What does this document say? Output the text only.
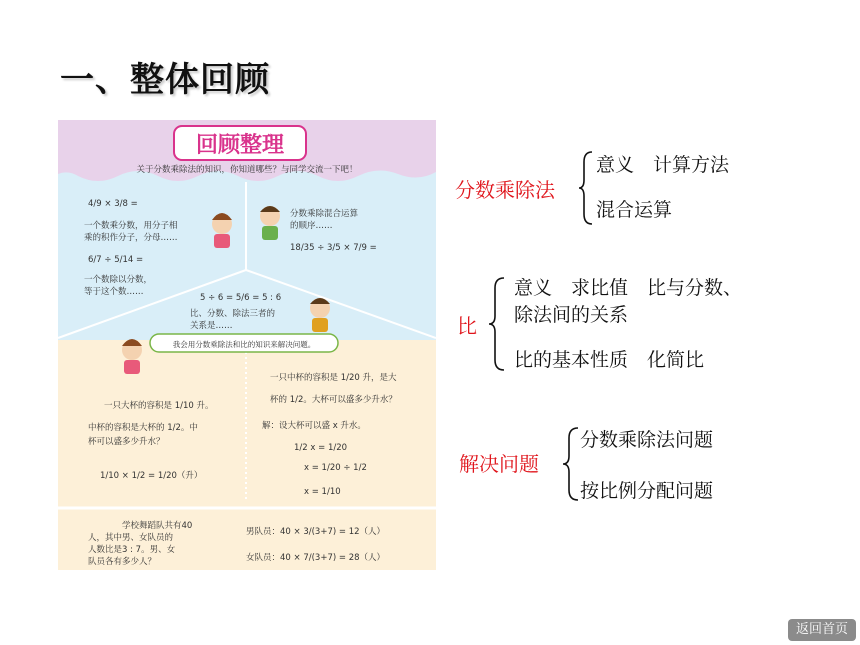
一、整体回顾
回顾整理
关于分数乘除法的知识，你知道哪些？与同学交流一下吧！
4/9 × 3/8 =
一个数乘分数，用分子相
乘的积作分子，分母……
6/7 ÷ 5/14 =
一个数除以分数，
等于这个数……
分数乘除混合运算
的顺序……
18/35 ÷ 3/5 × 7/9 =
5 ÷ 6 = 5/6 = 5 : 6
比、分数、除法三者的
关系是……
我会用分数乘除法和比的知识来解决问题。
一只大杯的容积是 1/10 升。
中杯的容积是大杯的 1/2。中
杯可以盛多少升水？
1/10 × 1/2 = 1/20（升）
一只中杯的容积是 1/20 升，是大
杯的 1/2。大杯可以盛多少升水？
解：设大杯可以盛 x 升水。
1/2 x = 1/20
x = 1/20 ÷ 1/2
x = 1/10
学校舞蹈队共有40
人，其中男、女队员的
人数比是3 : 7。男、女
队员各有多少人？
男队员：40 × 3/(3+7) = 12（人）
女队员：40 × 7/(3+7) = 28（人）
分数乘除法
意义　计算方法
混合运算
比
意义　求比值　比与分数、
除法间的关系
比的基本性质　化简比
解决问题
分数乘除法问题
按比例分配问题
返回首页
